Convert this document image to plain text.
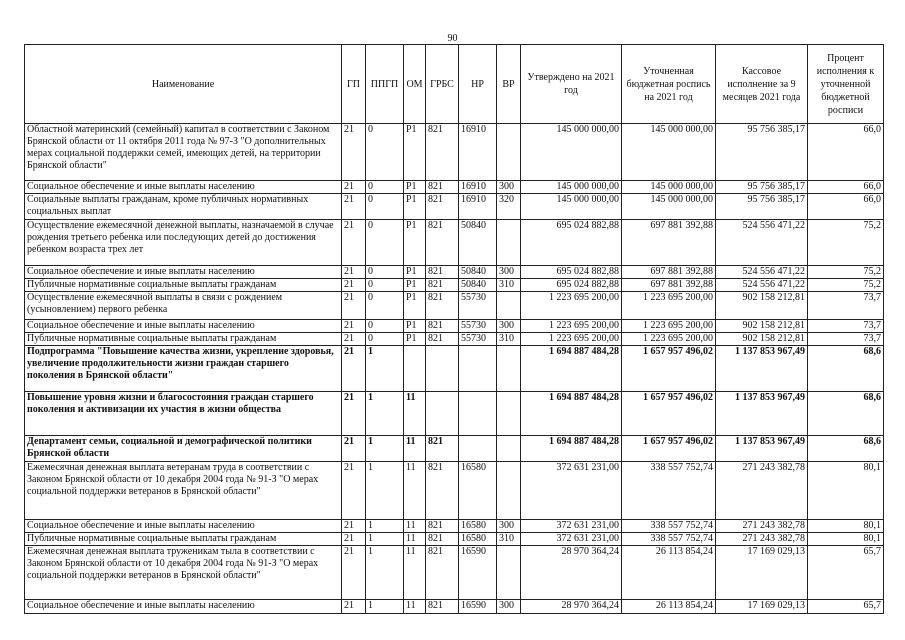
90
Наименование	ГП	ППГП	ОМ	ГРБС	НР	ВР	Утверждено на 2021 год	Уточненная бюджетная роспись на 2021 год	Кассовое исполнение за 9 месяцев 2021 года	Процент исполнения к уточненной бюджетной росписи
Областной материнский (семейный) капитал в соответствии с Законом Брянской области от 11 октября 2011 года № 97-З "О дополнительных мерах социальной поддержки семей, имеющих детей, на территории Брянской области"	21	0	P1	821	16910		145 000 000,00	145 000 000,00	95 756 385,17	66,0
Социальное обеспечение и иные выплаты населению	21	0	P1	821	16910	300	145 000 000,00	145 000 000,00	95 756 385,17	66,0
Социальные выплаты гражданам, кроме публичных нормативных социальных выплат	21	0	P1	821	16910	320	145 000 000,00	145 000 000,00	95 756 385,17	66,0
Осуществление ежемесячной денежной выплаты, назначаемой в случае рождения третьего ребенка или последующих детей до достижения ребенком возраста трех лет	21	0	P1	821	50840		695 024 882,88	697 881 392,88	524 556 471,22	75,2
Социальное обеспечение и иные выплаты населению	21	0	P1	821	50840	300	695 024 882,88	697 881 392,88	524 556 471,22	75,2
Публичные нормативные социальные выплаты гражданам	21	0	P1	821	50840	310	695 024 882,88	697 881 392,88	524 556 471,22	75,2
Осуществление ежемесячной выплаты в связи с рождением (усыновлением) первого ребенка	21	0	P1	821	55730		1 223 695 200,00	1 223 695 200,00	902 158 212,81	73,7
Социальное обеспечение и иные выплаты населению	21	0	P1	821	55730	300	1 223 695 200,00	1 223 695 200,00	902 158 212,81	73,7
Публичные нормативные социальные выплаты гражданам	21	0	P1	821	55730	310	1 223 695 200,00	1 223 695 200,00	902 158 212,81	73,7
Подпрограмма "Повышение качества жизни, укрепление здоровья, увеличение продолжительности жизни граждан старшего поколения в Брянской области"	21	1					1 694 887 484,28	1 657 957 496,02	1 137 853 967,49	68,6
Повышение уровня жизни и благосостояния граждан старшего поколения и активизации их участия в жизни общества	21	1	11				1 694 887 484,28	1 657 957 496,02	1 137 853 967,49	68,6
Департамент семьи, социальной и демографической политики Брянской области	21	1	11	821			1 694 887 484,28	1 657 957 496,02	1 137 853 967,49	68,6
Ежемесячная денежная выплата ветеранам труда в соответствии с Законом Брянской области от 10 декабря 2004 года № 91-З "О мерах социальной поддержки ветеранов в Брянской области"	21	1	11	821	16580		372 631 231,00	338 557 752,74	271 243 382,78	80,1
Социальное обеспечение и иные выплаты населению	21	1	11	821	16580	300	372 631 231,00	338 557 752,74	271 243 382,78	80,1
Публичные нормативные социальные выплаты гражданам	21	1	11	821	16580	310	372 631 231,00	338 557 752,74	271 243 382,78	80,1
Ежемесячная денежная выплата труженикам тыла в соответствии с Законом Брянской области от 10 декабря 2004 года № 91-З "О мерах социальной поддержки ветеранов в Брянской области"	21	1	11	821	16590		28 970 364,24	26 113 854,24	17 169 029,13	65,7
Социальное обеспечение и иные выплаты населению	21	1	11	821	16590	300	28 970 364,24	26 113 854,24	17 169 029,13	65,7
